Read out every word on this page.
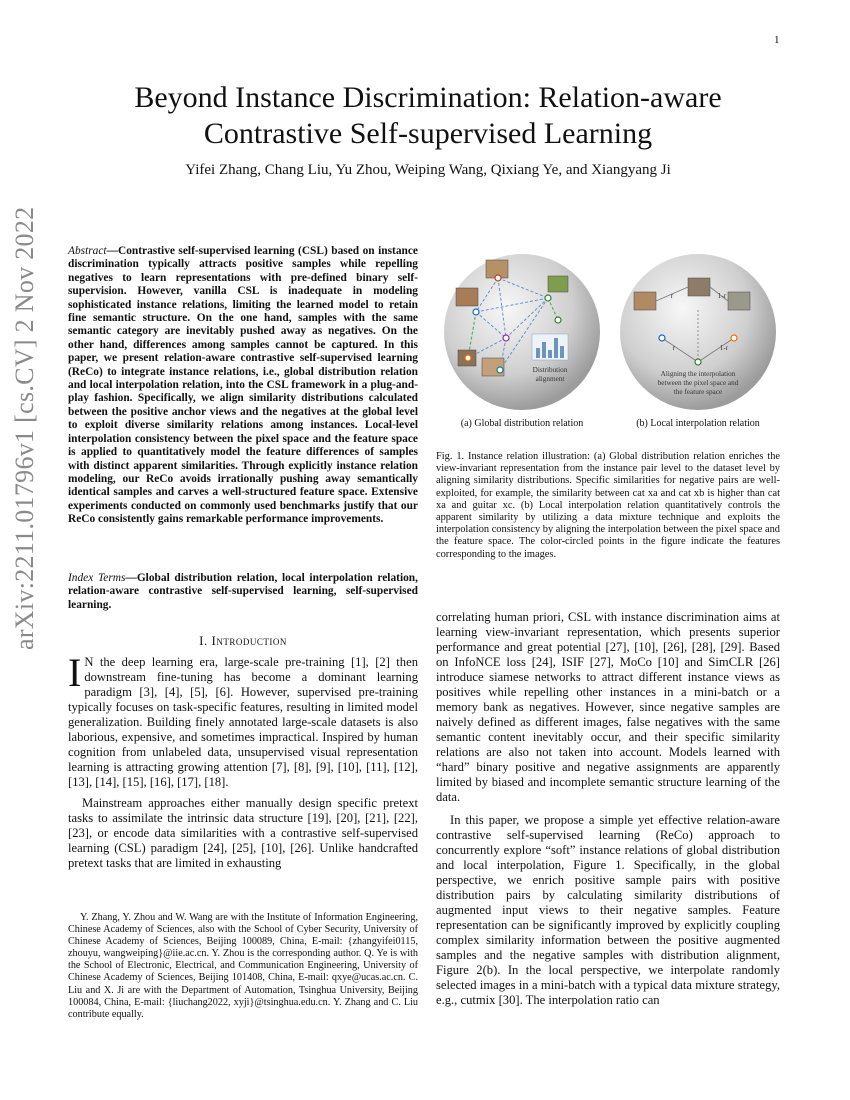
1
arXiv:2211.01796v1 [cs.CV] 2 Nov 2022
Beyond Instance Discrimination: Relation-aware
Contrastive Self-supervised Learning
Yifei Zhang, Chang Liu, Yu Zhou, Weiping Wang, Qixiang Ye, and Xiangyang Ji
Abstract—Contrastive self-supervised learning (CSL) based on instance discrimination typically attracts positive samples while repelling negatives to learn representations with pre-defined binary self-supervision. However, vanilla CSL is inadequate in modeling sophisticated instance relations, limiting the learned model to retain fine semantic structure. On the one hand, samples with the same semantic category are inevitably pushed away as negatives. On the other hand, differences among samples cannot be captured. In this paper, we present relation-aware contrastive self-supervised learning (ReCo) to integrate instance relations, i.e., global distribution relation and local interpolation relation, into the CSL framework in a plug-and-play fashion. Specifically, we align similarity distributions calculated between the positive anchor views and the negatives at the global level to exploit diverse similarity relations among instances. Local-level interpolation consistency between the pixel space and the feature space is applied to quantitatively model the feature differences of samples with distinct apparent similarities. Through explicitly instance relation modeling, our ReCo avoids irrationally pushing away semantically identical samples and carves a well-structured feature space. Extensive experiments conducted on commonly used benchmarks justify that our ReCo consistently gains remarkable performance improvements.
Index Terms—Global distribution relation, local interpolation relation, relation-aware contrastive self-supervised learning, self-supervised learning.
I. Introduction

I N the deep learning era, large-scale pre-training [1], [2] then downstream fine-tuning has become a dominant learning paradigm [3], [4], [5], [6]. However, supervised pre-training typically focuses on task-specific features, resulting in limited model generalization. Building finely annotated large-scale datasets is also laborious, expensive, and sometimes impractical. Inspired by human cognition from unlabeled data, unsupervised visual representation learning is attracting growing attention [7], [8], [9], [10], [11], [12], [13], [14], [15], [16], [17], [18].

Mainstream approaches either manually design specific pretext tasks to assimilate the intrinsic data structure [19], [20], [21], [22], [23], or encode data similarities with a contrastive self-supervised learning (CSL) paradigm [24], [25], [10], [26]. Unlike handcrafted pretext tasks that are limited in exhausting

Y. Zhang, Y. Zhou and W. Wang are with the Institute of Information Engineering, Chinese Academy of Sciences, also with the School of Cyber Security, University of Chinese Academy of Sciences, Beijing 100089, China, E-mail: {zhangyifei0115, zhouyu, wangweiping}@iie.ac.cn. Y. Zhou is the corresponding author. Q. Ye is with the School of Electronic, Electrical, and Communication Engineering, University of Chinese Academy of Sciences, Beijing 101408, China, E-mail: qxye@ucas.ac.cn. C. Liu and X. Ji are with the Department of Automation, Tsinghua University, Beijing 100084, China, E-mail: {liuchang2022, xyji}@tsinghua.edu.cn. Y. Zhang and C. Liu contribute equally.

Distribution
alignment
r	1-r
r	1-r
Aligning the interpolation
between the pixel space and
the feature space
(a) Global distribution relation	(b) Local interpolation relation
Fig. 1. Instance relation illustration: (a) Global distribution relation enriches the view-invariant representation from the instance pair level to the dataset level by aligning similarity distributions. Specific similarities for negative pairs are well-exploited, for example, the similarity between cat xa and cat xb is higher than cat xa and guitar xc. (b) Local interpolation relation quantitatively controls the apparent similarity by utilizing a data mixture technique and exploits the interpolation consistency by aligning the interpolation between the pixel space and the feature space. The color-circled points in the figure indicate the features corresponding to the images.

correlating human priori, CSL with instance discrimination aims at learning view-invariant representation, which presents superior performance and great potential [27], [10], [26], [28], [29]. Based on InfoNCE loss [24], ISIF [27], MoCo [10] and SimCLR [26] introduce siamese networks to attract different instance views as positives while repelling other instances in a mini-batch or a memory bank as negatives. However, since negative samples are naively defined as different images, false negatives with the same semantic content inevitably occur, and their specific similarity relations are also not taken into account. Models learned with “hard” binary positive and negative assignments are apparently limited by biased and incomplete semantic structure learning of the data.

In this paper, we propose a simple yet effective relation-aware contrastive self-supervised learning (ReCo) approach to concurrently explore “soft” instance relations of global distribution and local interpolation, Figure 1. Specifically, in the global perspective, we enrich positive sample pairs with positive distribution pairs by calculating similarity distributions of augmented input views to their negative samples. Feature representation can be significantly improved by explicitly coupling complex similarity information between the positive augmented samples and the negative samples with distribution alignment, Figure 2(b). In the local perspective, we interpolate randomly selected images in a mini-batch with a typical data mixture strategy, e.g., cutmix [30]. The interpolation ratio can
